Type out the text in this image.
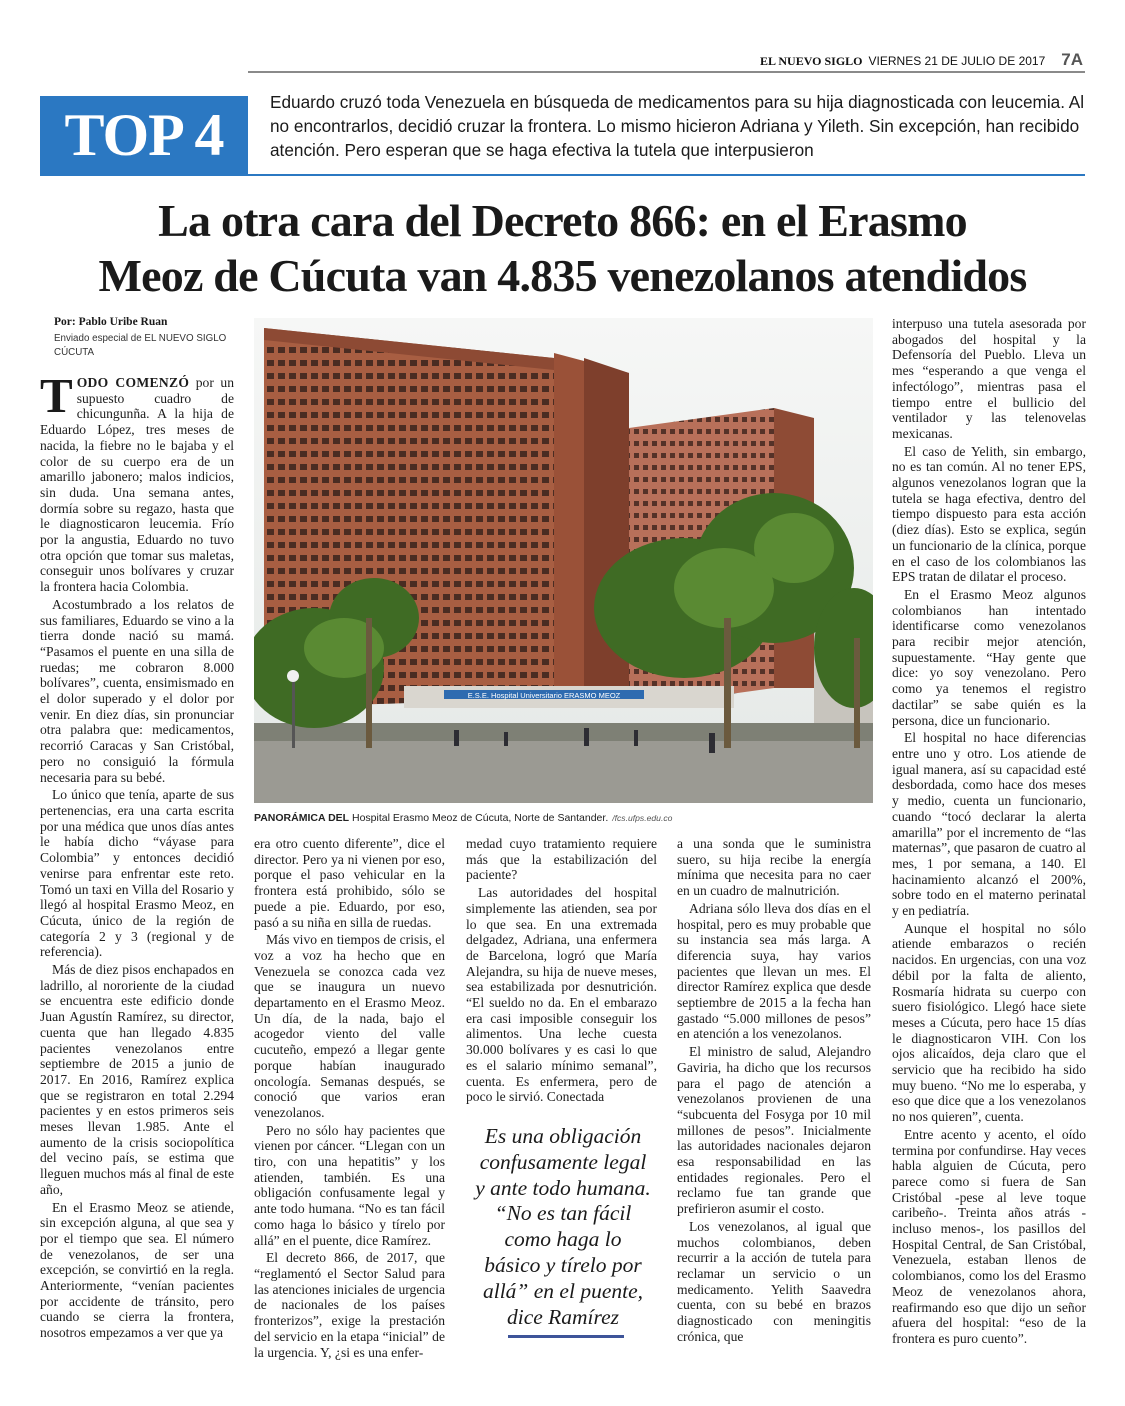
EL NUEVO SIGLO VIERNES 21 DE JULIO DE 2017 7A
TOP 4	Eduardo cruzó toda Venezuela en búsqueda de medicamentos para su hija diagnosticada con leucemia. Al no encontrarlos, decidió cruzar la frontera. Lo mismo hicieron Adriana y Yileth. Sin excepción, han recibido atención. Pero esperan que se haga efectiva la tutela que interpusieron

La otra cara del Decreto 866: en el Erasmo
Meoz de Cúcuta van 4.835 venezolanos atendidos
Por: Pablo Uribe Ruan
Enviado especial de EL NUEVO SIGLO
CÚCUTA
E.S.E. Hospital Universitario ERASMO MEOZ
PANORÁMICA DEL Hospital Erasmo Meoz de Cúcuta, Norte de Santander. /fcs.ufps.edu.co

TODO COMENZÓ por un supuesto cuadro de chicungunña. A la hija de Eduardo López, tres meses de nacida, la fiebre no le bajaba y el color de su cuerpo era de un amarillo jabonero; malos indicios, sin duda. Una semana antes, dormía sobre su regazo, hasta que le diagnosticaron leucemia. Frío por la angustia, Eduardo no tuvo otra opción que tomar sus maletas, conseguir unos bolívares y cruzar la frontera hacia Colombia.

Acostumbrado a los relatos de sus familiares, Eduardo se vino a la tierra donde nació su mamá. “Pasamos el puente en una silla de ruedas; me cobraron 8.000 bolívares”, cuenta, ensimismado en el dolor superado y el dolor por venir. En diez días, sin pronunciar otra palabra que: medicamentos, recorrió Caracas y San Cristóbal, pero no consiguió la fórmula necesaria para su bebé.

Lo único que tenía, aparte de sus pertenencias, era una carta escrita por una médica que unos días antes le había dicho “váyase para Colombia” y entonces decidió venirse para enfrentar este reto. Tomó un taxi en Villa del Rosario y llegó al hospital Erasmo Meoz, en Cúcuta, único de la región de categoría 2 y 3 (regional y de referencia).

Más de diez pisos enchapados en ladrillo, al nororiente de la ciudad se encuentra este edificio donde Juan Agustín Ramírez, su director, cuenta que han llegado 4.835 pacientes venezolanos entre septiembre de 2015 a junio de 2017. En 2016, Ramírez explica que se registraron en total 2.294 pacientes y en estos primeros seis meses llevan 1.985. Ante el aumento de la crisis sociopolítica del vecino país, se estima que lleguen muchos más al final de este año,

En el Erasmo Meoz se atiende, sin excepción alguna, al que sea y por el tiempo que sea. El número de venezolanos, de ser una excepción, se convirtió en la regla. Anteriormente, “venían pacientes por accidente de tránsito, pero cuando se cierra la frontera, nosotros empezamos a ver que ya

era otro cuento diferente”, dice el director. Pero ya ni vienen por eso, porque el paso vehicular en la frontera está prohibido, sólo se puede a pie. Eduardo, por eso, pasó a su niña en silla de ruedas.

Más vivo en tiempos de crisis, el voz a voz ha hecho que en Venezuela se conozca cada vez que se inaugura un nuevo departamento en el Erasmo Meoz. Un día, de la nada, bajo el acogedor viento del valle cucuteño, empezó a llegar gente porque habían inaugurado oncología. Semanas después, se conoció que varios eran venezolanos.

Pero no sólo hay pacientes que vienen por cáncer. “Llegan con un tiro, con una hepatitis” y los atienden, también. Es una obligación confusamente legal y ante todo humana. “No es tan fácil como haga lo básico y tírelo por allá” en el puente, dice Ramírez.

El decreto 866, de 2017, que “reglamentó el Sector Salud para las atenciones iniciales de urgencia de nacionales de los países fronterizos”, exige la prestación del servicio en la etapa “inicial” de la urgencia. Y, ¿si es una enfer-

medad cuyo tratamiento requiere más que la estabilización del paciente?

Las autoridades del hospital simplemente las atienden, sea por lo que sea. En una extremada delgadez, Adriana, una enfermera de Barcelona, logró que María Alejandra, su hija de nueve meses, sea estabilizada por desnutrición. “El sueldo no da. En el embarazo era casi imposible conseguir los alimentos. Una leche cuesta 30.000 bolívares y es casi lo que es el salario mínimo semanal”, cuenta. Es enfermera, pero de poco le sirvió. Conectada

Es una obligación confusamente legal y ante todo humana. “No es tan fácil como haga lo básico y tírelo por allá” en el puente, dice Ramírez

a una sonda que le suministra suero, su hija recibe la energía mínima que necesita para no caer en un cuadro de malnutrición.

Adriana sólo lleva dos días en el hospital, pero es muy probable que su instancia sea más larga. A diferencia suya, hay varios pacientes que llevan un mes. El director Ramírez explica que desde septiembre de 2015 a la fecha han gastado “5.000 millones de pesos” en atención a los venezolanos.

El ministro de salud, Alejandro Gaviria, ha dicho que los recursos para el pago de atención a venezolanos provienen de una “subcuenta del Fosyga por 10 mil millones de pesos”. Inicialmente las autoridades nacionales dejaron esa responsabilidad en las entidades regionales. Pero el reclamo fue tan grande que prefirieron asumir el costo.

Los venezolanos, al igual que muchos colombianos, deben recurrir a la acción de tutela para reclamar un servicio o un medicamento. Yelith Saavedra cuenta, con su bebé en brazos diagnosticado con meningitis crónica, que

interpuso una tutela asesorada por abogados del hospital y la Defensoría del Pueblo. Lleva un mes “esperando a que venga el infectólogo”, mientras pasa el tiempo entre el bullicio del ventilador y las telenovelas mexicanas.

El caso de Yelith, sin embargo, no es tan común. Al no tener EPS, algunos venezolanos logran que la tutela se haga efectiva, dentro del tiempo dispuesto para esta acción (diez días). Esto se explica, según un funcionario de la clínica, porque en el caso de los colombianos las EPS tratan de dilatar el proceso.

En el Erasmo Meoz algunos colombianos han intentado identificarse como venezolanos para recibir mejor atención, supuestamente. “Hay gente que dice: yo soy venezolano. Pero como ya tenemos el registro dactilar” se sabe quién es la persona, dice un funcionario.

El hospital no hace diferencias entre uno y otro. Los atiende de igual manera, así su capacidad esté desbordada, como hace dos meses y medio, cuenta un funcionario, cuando “tocó declarar la alerta amarilla” por el incremento de “las maternas”, que pasaron de cuatro al mes, 1 por semana, a 140. El hacinamiento alcanzó el 200%, sobre todo en el materno perinatal y en pediatría.

Aunque el hospital no sólo atiende embarazos o recién nacidos. En urgencias, con una voz débil por la falta de aliento, Rosmaría hidrata su cuerpo con suero fisiológico. Llegó hace siete meses a Cúcuta, pero hace 15 días le diagnosticaron VIH. Con los ojos alicaídos, deja claro que el servicio que ha recibido ha sido muy bueno. “No me lo esperaba, y eso que dice que a los venezolanos no nos quieren”, cuenta.

Entre acento y acento, el oído termina por confundirse. Hay veces habla alguien de Cúcuta, pero parece como si fuera de San Cristóbal -pese al leve toque caribeño-. Treinta años atrás -incluso menos-, los pasillos del Hospital Central, de San Cristóbal, Venezuela, estaban llenos de colombianos, como los del Erasmo Meoz de venezolanos ahora, reafirmando eso que dijo un señor afuera del hospital: “eso de la frontera es puro cuento”.
